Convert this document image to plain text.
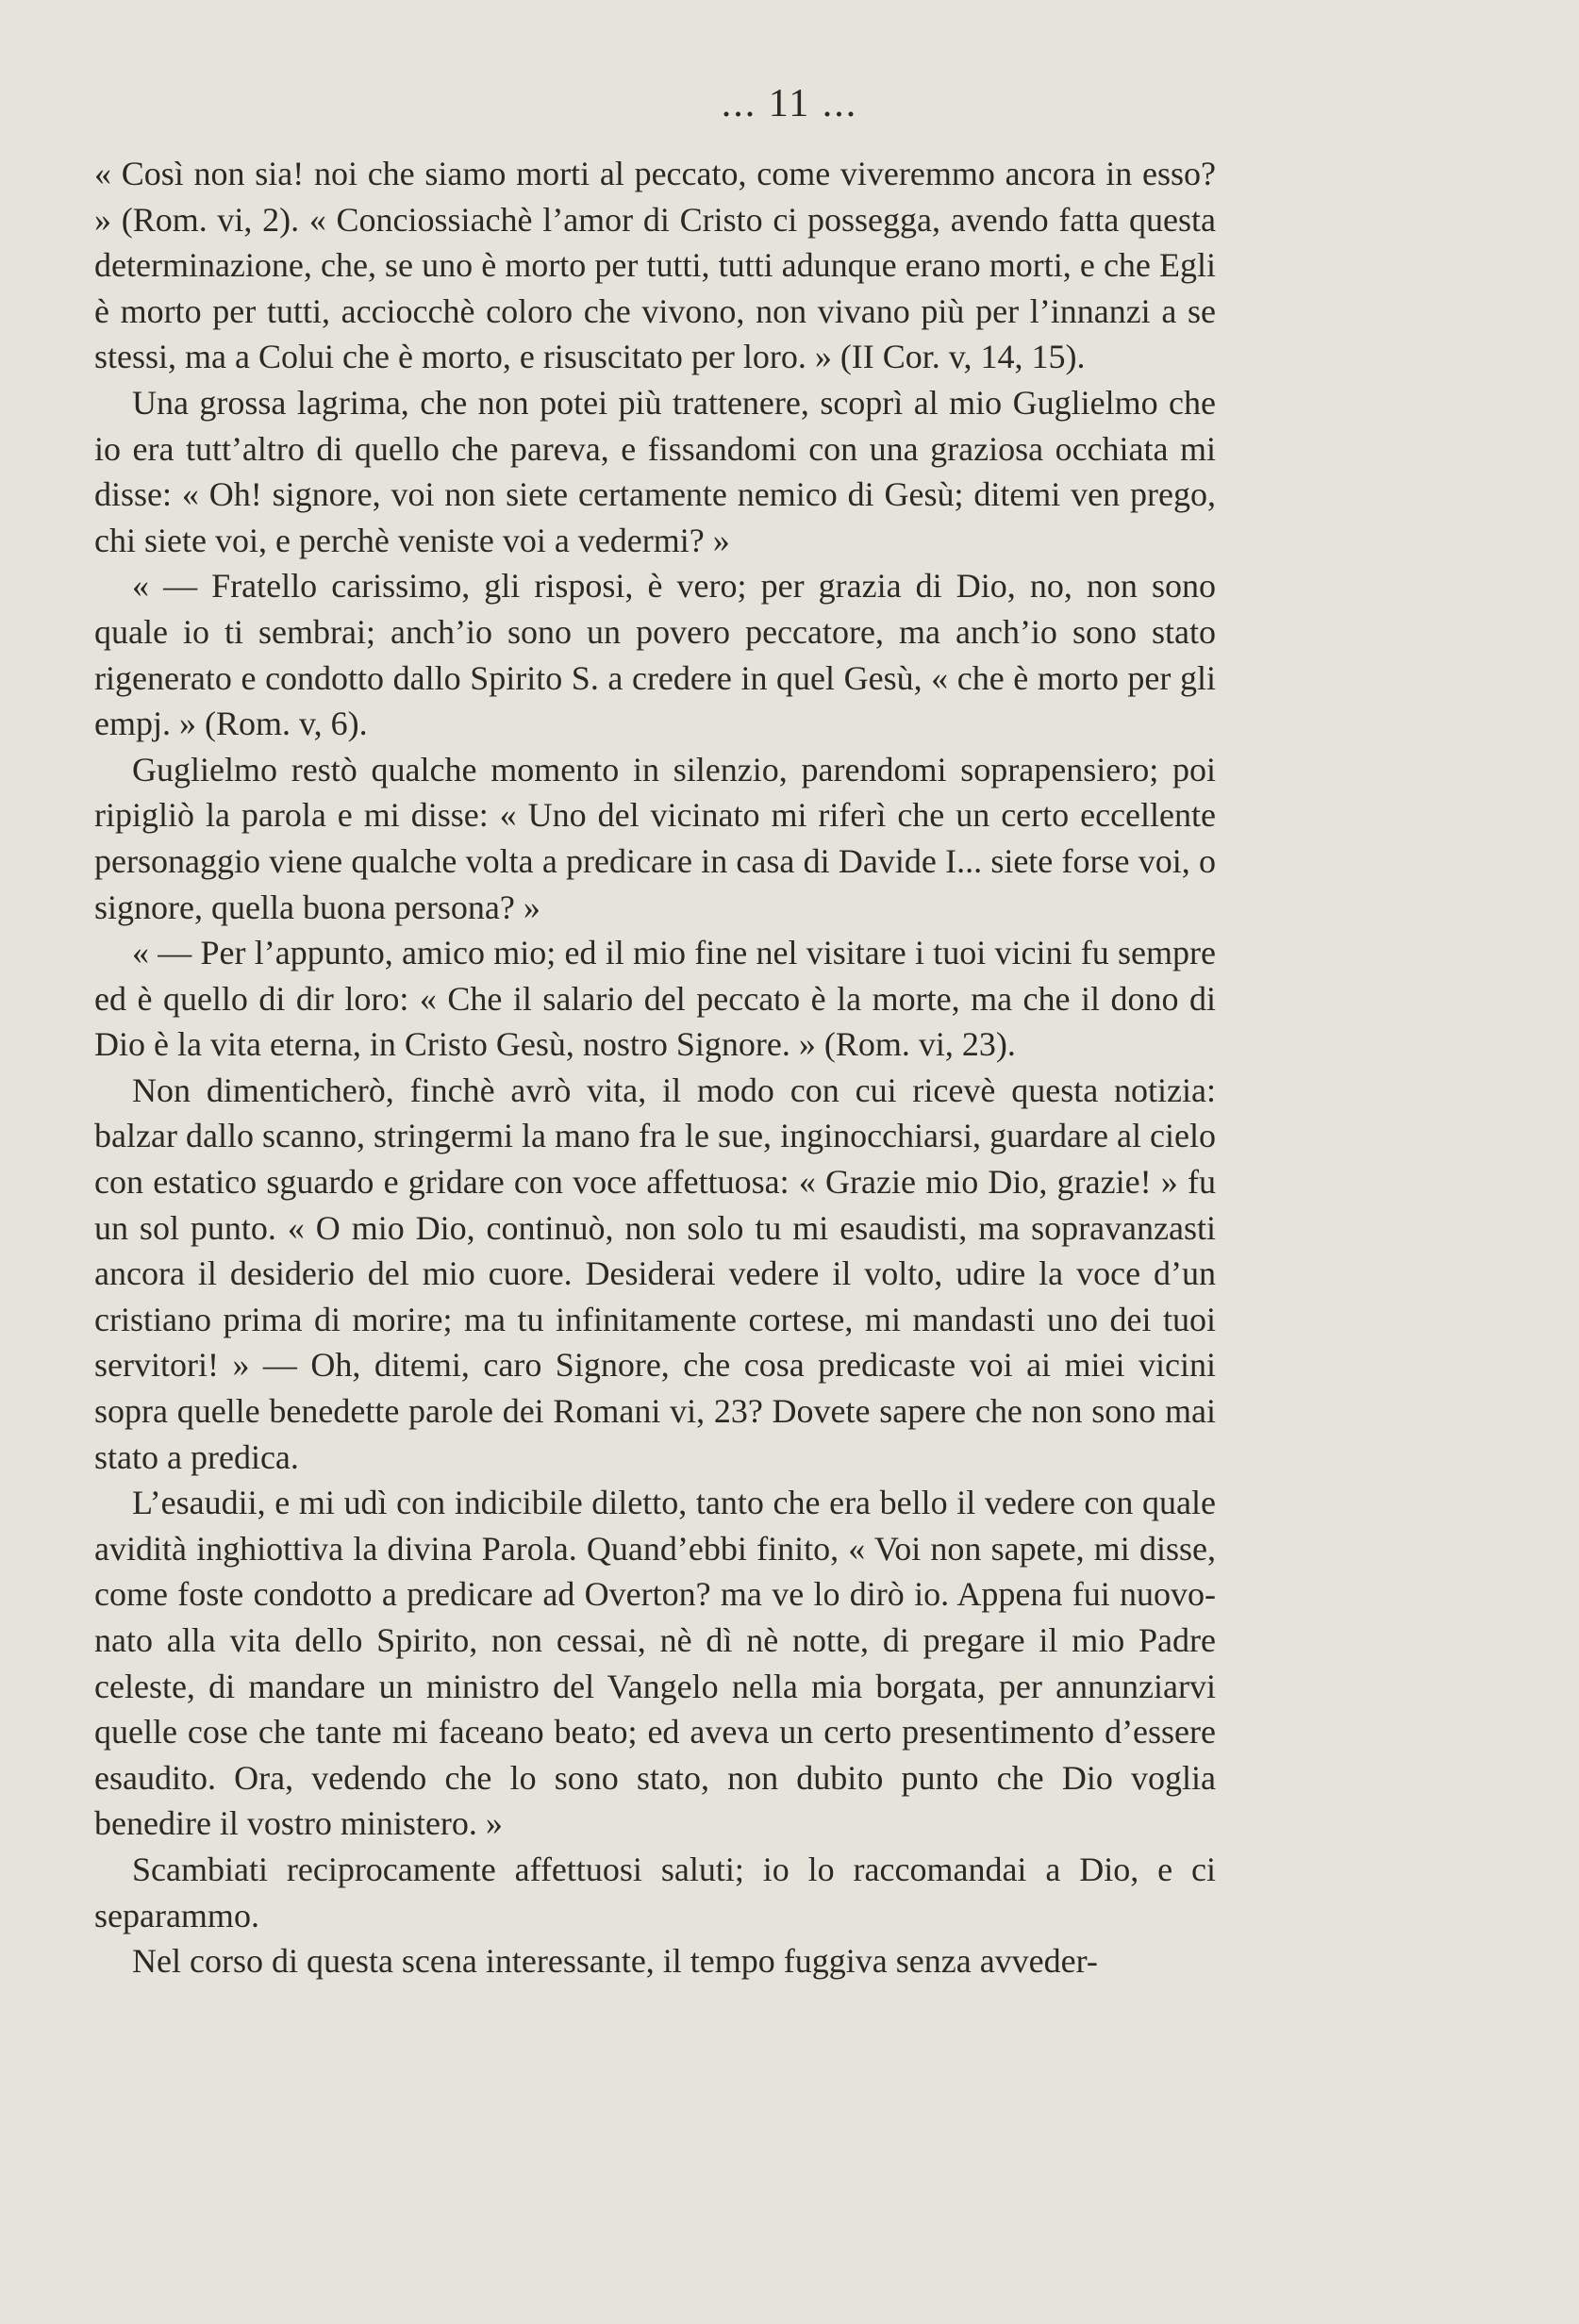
... 11 ...

« Così non sia! noi che siamo morti al peccato, come viveremmo ancora in esso? » (Rom. vi, 2). « Conciossiachè l’amor di Cristo ci possegga, avendo fatta questa determinazione, che, se uno è morto per tutti, tutti adunque erano morti, e che Egli è morto per tutti, acciocchè coloro che vivono, non vivano più per l’innanzi a se stessi, ma a Colui che è morto, e risuscitato per loro. » (II Cor. v, 14, 15).

Una grossa lagrima, che non potei più trattenere, scoprì al mio Guglielmo che io era tutt’altro di quello che pareva, e fissandomi con una graziosa occhiata mi disse: « Oh! signore, voi non siete certamente nemico di Gesù; ditemi ven prego, chi siete voi, e perchè veniste voi a vedermi? »

« — Fratello carissimo, gli risposi, è vero; per grazia di Dio, no, non sono quale io ti sembrai; anch’io sono un povero peccatore, ma anch’io sono stato rigenerato e condotto dallo Spirito S. a credere in quel Gesù, « che è morto per gli empj. » (Rom. v, 6).

Guglielmo restò qualche momento in silenzio, parendomi soprapensiero; poi ripigliò la parola e mi disse: « Uno del vicinato mi riferì che un certo eccellente personaggio viene qualche volta a predicare in casa di Davide I... siete forse voi, o signore, quella buona persona? »

« — Per l’appunto, amico mio; ed il mio fine nel visitare i tuoi vicini fu sempre ed è quello di dir loro: « Che il salario del peccato è la morte, ma che il dono di Dio è la vita eterna, in Cristo Gesù, nostro Signore. » (Rom. vi, 23).

Non dimenticherò, finchè avrò vita, il modo con cui ricevè questa notizia: balzar dallo scanno, stringermi la mano fra le sue, inginocchiarsi, guardare al cielo con estatico sguardo e gridare con voce affettuosa: « Grazie mio Dio, grazie! » fu un sol punto. « O mio Dio, continuò, non solo tu mi esaudisti, ma sopravanzasti ancora il desiderio del mio cuore. Desiderai vedere il volto, udire la voce d’un cristiano prima di morire; ma tu infinitamente cortese, mi mandasti uno dei tuoi servitori! » — Oh, ditemi, caro Signore, che cosa predicaste voi ai miei vicini sopra quelle benedette parole dei Romani vi, 23? Dovete sapere che non sono mai stato a predica.

L’esaudii, e mi udì con indicibile diletto, tanto che era bello il vedere con quale avidità inghiottiva la divina Parola. Quand’ebbi finito, « Voi non sapete, mi disse, come foste condotto a predicare ad Overton? ma ve lo dirò io. Appena fui nuovo-nato alla vita dello Spirito, non cessai, nè dì nè notte, di pregare il mio Padre celeste, di mandare un ministro del Vangelo nella mia borgata, per annunziarvi quelle cose che tante mi faceano beato; ed aveva un certo presentimento d’essere esaudito. Ora, vedendo che lo sono stato, non dubito punto che Dio voglia benedire il vostro ministero. »

Scambiati reciprocamente affettuosi saluti; io lo raccomandai a Dio, e ci separammo.

Nel corso di questa scena interessante, il tempo fuggiva senza avveder-
